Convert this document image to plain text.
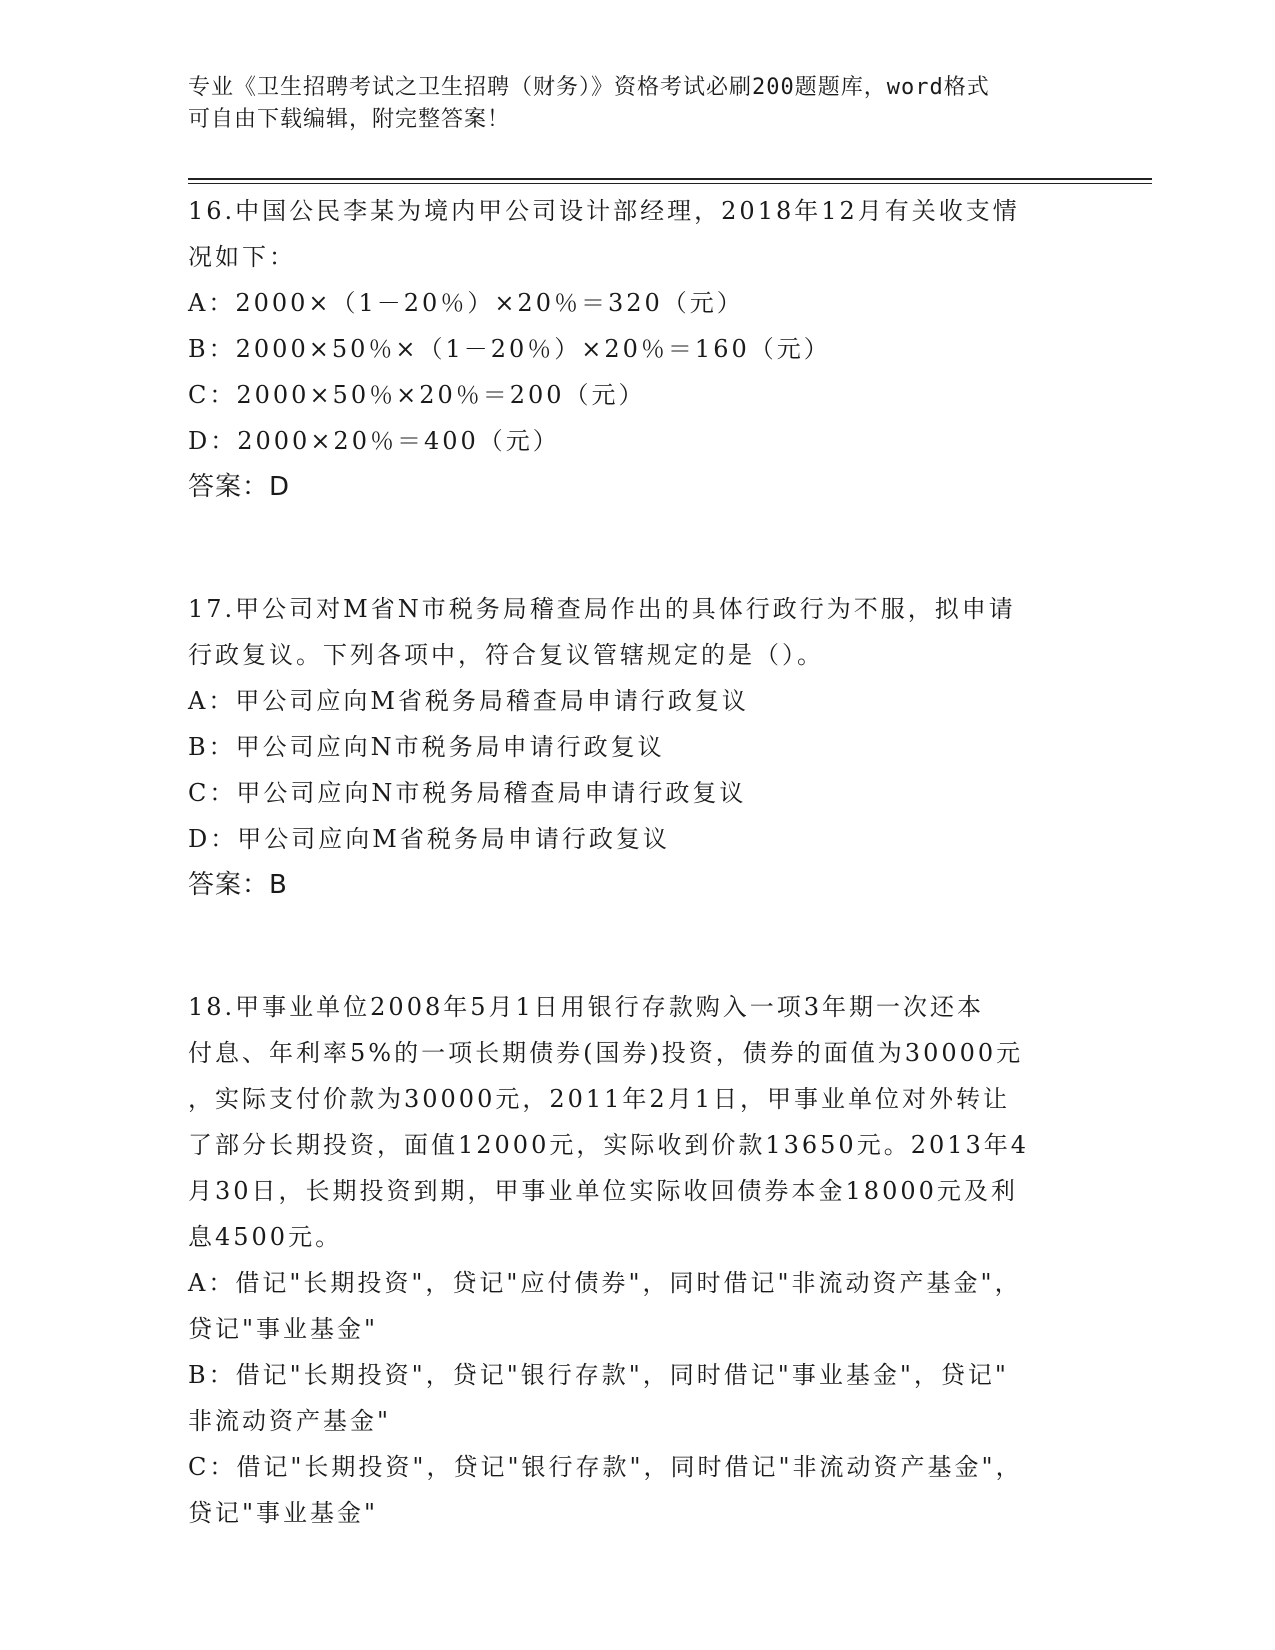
专业《卫生招聘考试之卫生招聘（财务）》资格考试必刷200题题库，word格式
可自由下载编辑，附完整答案！
16.中国公民李某为境内甲公司设计部经理，2018年12月有关收支情
况如下：
A：2000×（1－20％）×20％＝320（元）
B：2000×50％×（1－20％）×20％＝160（元）
C：2000×50％×20％＝200（元）
D：2000×20％＝400（元）
答案：D
17.甲公司对M省N市税务局稽查局作出的具体行政行为不服，拟申请
行政复议。下列各项中，符合复议管辖规定的是（）。
A：甲公司应向M省税务局稽查局申请行政复议
B：甲公司应向N市税务局申请行政复议
C：甲公司应向N市税务局稽查局申请行政复议
D：甲公司应向M省税务局申请行政复议
答案：B
18.甲事业单位2008年5月1日用银行存款购入一项3年期一次还本
付息、年利率5%的一项长期债券(国券)投资，债券的面值为30000元
，实际支付价款为30000元，2011年2月1日，甲事业单位对外转让
了部分长期投资，面值12000元，实际收到价款13650元。2013年4
月30日，长期投资到期，甲事业单位实际收回债券本金18000元及利
息4500元。
A：借记"长期投资"，贷记"应付债券"，同时借记"非流动资产基金"，
贷记"事业基金"
B：借记"长期投资"，贷记"银行存款"，同时借记"事业基金"，贷记"
非流动资产基金"
C：借记"长期投资"，贷记"银行存款"，同时借记"非流动资产基金"，
贷记"事业基金"
